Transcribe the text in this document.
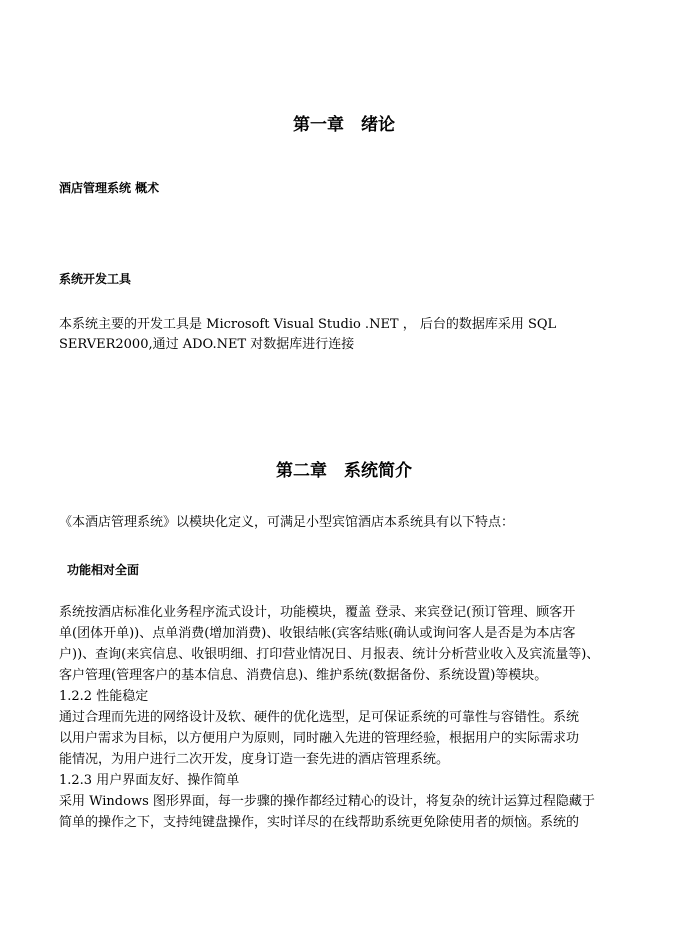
第一章　绪论
酒店管理系统 概术
系统开发工具
本系统主要的开发工具是 Microsoft Visual Studio .NET ， 后台的数据库采用 SQL
SERVER2000,通过 ADO.NET 对数据库进行连接
第二章　系统简介
《本酒店管理系统》以模块化定义，可满足小型宾馆酒店本系统具有以下特点：
功能相对全面
系统按酒店标准化业务程序流式设计，功能模块，覆盖 登录、来宾登记(预订管理、顾客开
单(团体开单))、点单消费(增加消费)、收银结帐(宾客结账(确认或询问客人是否是为本店客
户))、查询(来宾信息、收银明细、打印营业情况日、月报表、统计分析营业收入及宾流量等)、
客户管理(管理客户的基本信息、消费信息)、维护系统(数据备份、系统设置)等模块。
1.2.2 性能稳定
通过合理而先进的网络设计及软、硬件的优化选型，足可保证系统的可靠性与容错性。系统
以用户需求为目标，以方便用户为原则，同时融入先进的管理经验，根据用户的实际需求功
能情况，为用户进行二次开发，度身订造一套先进的酒店管理系统。
1.2.3 用户界面友好、操作简单
采用 Windows 图形界面，每一步骤的操作都经过精心的设计，将复杂的统计运算过程隐藏于
简单的操作之下，支持纯键盘操作，实时详尽的在线帮助系统更免除使用者的烦恼。系统的
